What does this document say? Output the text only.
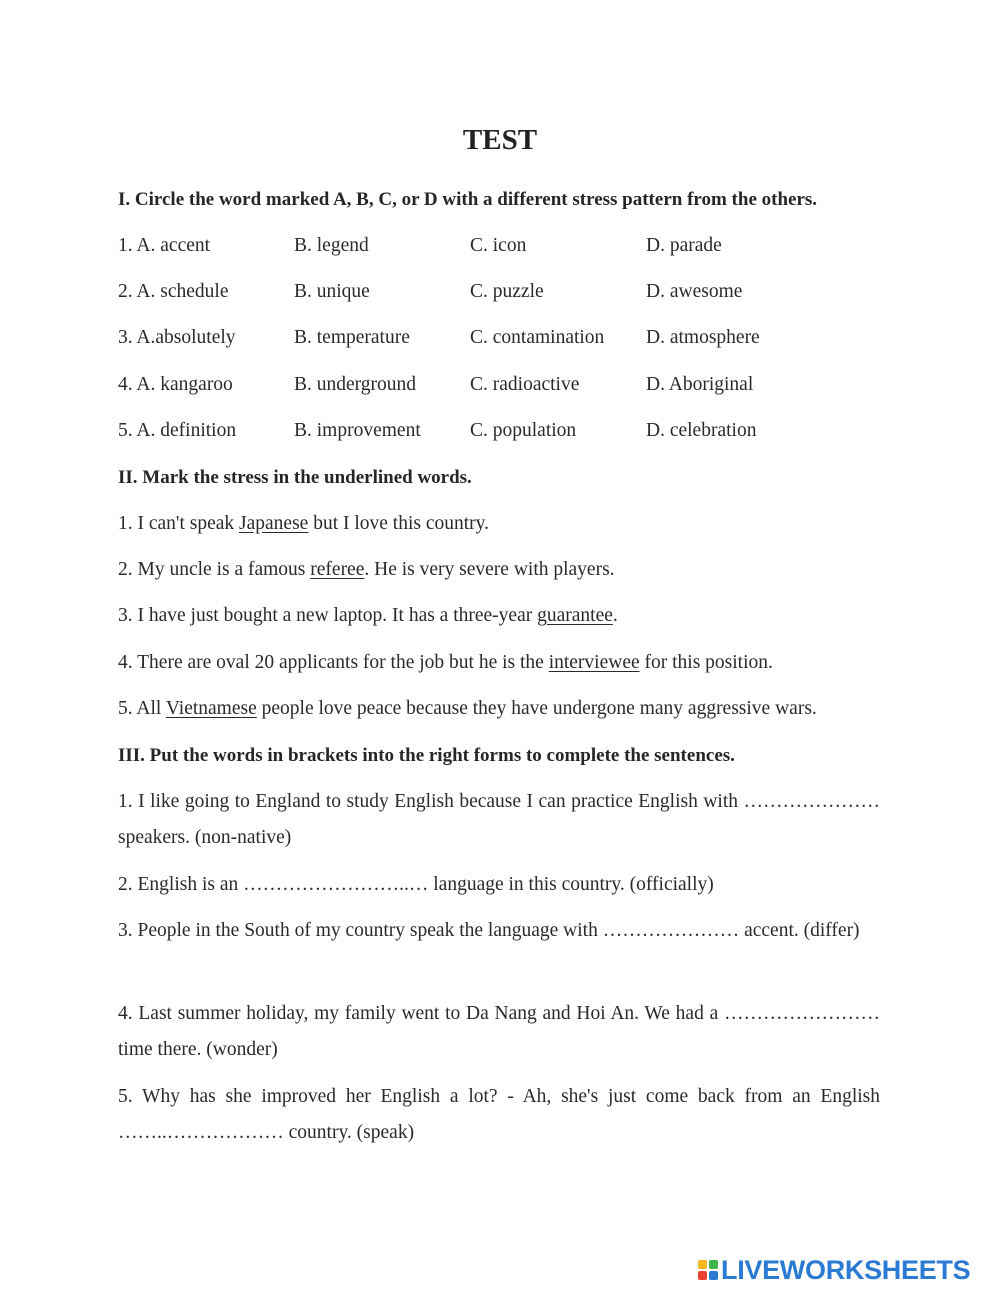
TEST
I. Circle the word marked A, B, C, or D with a different stress pattern from the others.
1. A. accent	B. legend	C. icon	D. parade
2. A. schedule	B. unique	C. puzzle	D. awesome
3. A.absolutely	B. temperature	C. contamination D. atmosphere
4. A. kangaroo	B. underground	C. radioactive	D. Aboriginal
5. A. definition	B. improvement	C. population	D. celebration
II. Mark the stress in the underlined words.
1. I can't speak Japanese but I love this country.
2. My uncle is a famous referee. He is very severe with players.
3. I have just bought a new laptop. It has a three-year guarantee.
4. There are oval 20 applicants for the job but he is the interviewee for this position.
5. All Vietnamese people love peace because they have undergone many aggressive wars.
III. Put the words in brackets into the right forms to complete the sentences.
1. I like going to England to study English because I can practice English with ………………… speakers. (non-native)
2. English is an ……………………..… language in this country. (officially)
3. People in the South of my country speak the language with ………………… accent. (differ)
4. Last summer holiday, my family went to Da Nang and Hoi An. We had a …………………… time there. (wonder)
5. Why has she improved her English a lot? - Ah, she's just come back from an English ……..……………… country. (speak)
LIVEWORKSHEETS
